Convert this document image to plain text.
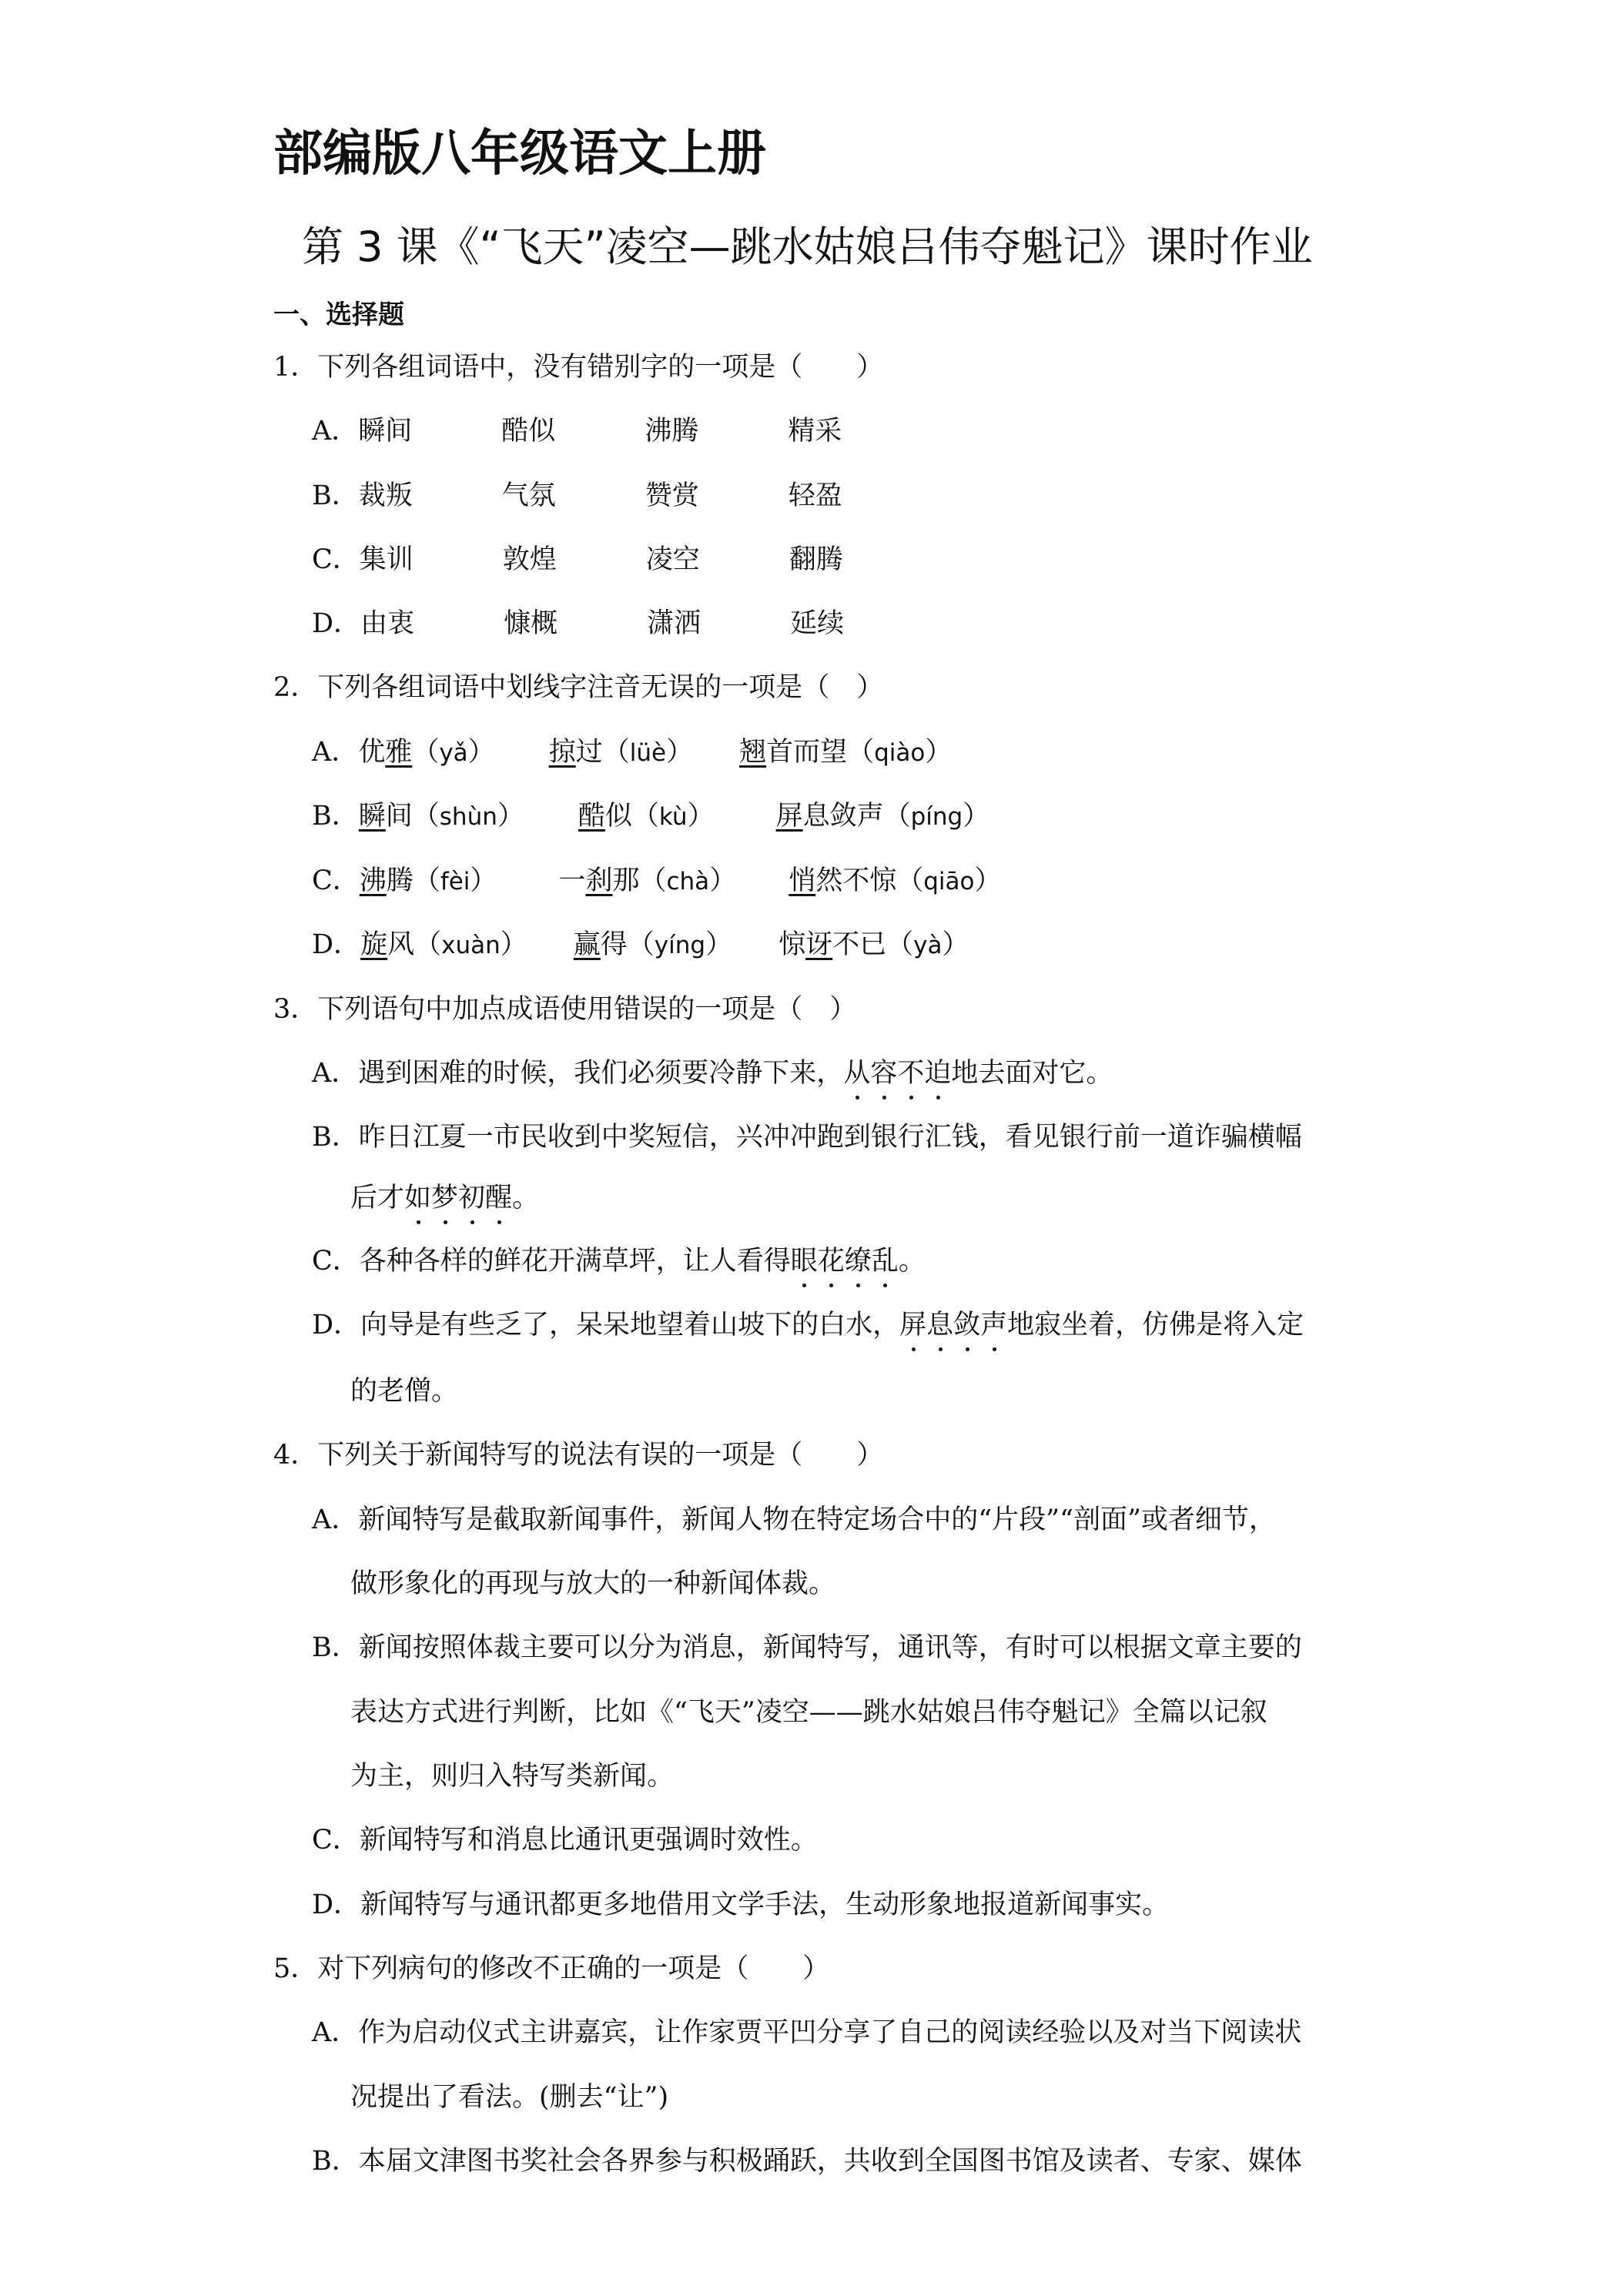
部编版八年级语文上册
第 3 课《“飞天”凌空—跳水姑娘吕伟夺魁记》课时作业
一、选择题
1．下列各组词语中，没有错别字的一项是（　　）
A．瞬间	酷似	沸腾	精采
B．裁叛	气氛	赞赏	轻盈
C．集训	敦煌	凌空	翻腾
D．由衷	慷概	潇洒	延续
2．下列各组词语中划线字注音无误的一项是（　）
A．优雅（yǎ） 掠过（lüè） 翘首而望（qiào）
B．瞬间（shùn） 酷似（kù） 屏息敛声（píng）
C．沸腾（fèi） 一刹那（chà） 悄然不惊（qiāo）
D．旋风（xuàn） 赢得（yíng） 惊讶不已（yà）
3．下列语句中加点成语使用错误的一项是（　）
A．遇到困难的时候，我们必须要冷静下来，从容不迫地去面对它。
B．昨日江夏一市民收到中奖短信，兴冲冲跑到银行汇钱，看见银行前一道诈骗横幅
后才如梦初醒。
C．各种各样的鲜花开满草坪，让人看得眼花缭乱。
D．向导是有些乏了，呆呆地望着山坡下的白水，屏息敛声地寂坐着，仿佛是将入定
的老僧。
4．下列关于新闻特写的说法有误的一项是（　　）
A．新闻特写是截取新闻事件，新闻人物在特定场合中的“片段”“剖面”或者细节，
做形象化的再现与放大的一种新闻体裁。
B．新闻按照体裁主要可以分为消息，新闻特写，通讯等，有时可以根据文章主要的
表达方式进行判断，比如《“飞天”凌空——跳水姑娘吕伟夺魁记》全篇以记叙
为主，则归入特写类新闻。
C．新闻特写和消息比通讯更强调时效性。
D．新闻特写与通讯都更多地借用文学手法，生动形象地报道新闻事实。
5．对下列病句的修改不正确的一项是（　　）
A．作为启动仪式主讲嘉宾，让作家贾平凹分享了自己的阅读经验以及对当下阅读状
况提出了看法。(删去“让”)
B．本届文津图书奖社会各界参与积极踊跃，共收到全国图书馆及读者、专家、媒体
